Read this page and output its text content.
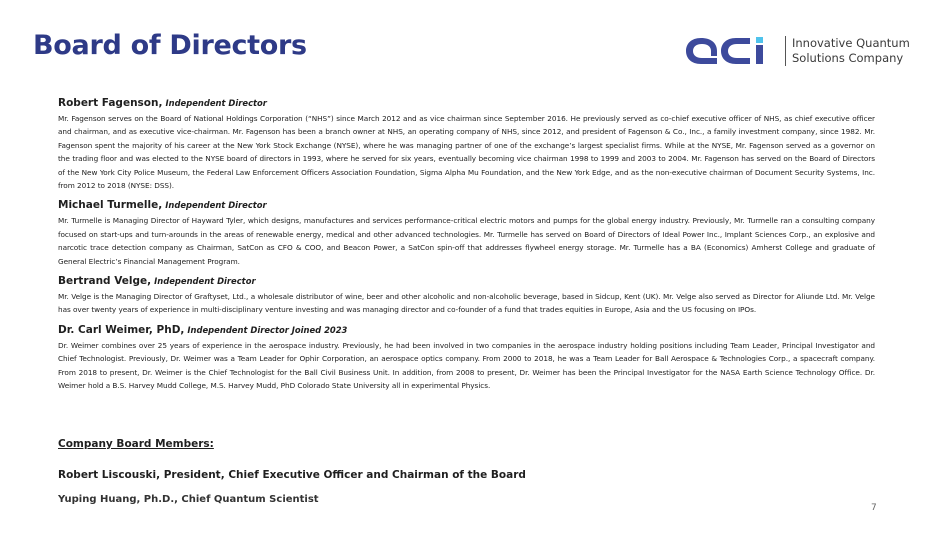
Board of Directors	Innovative Quantum
Solutions Company
Robert Fagenson, Independent Director

Mr. Fagenson serves on the Board of National Holdings Corporation (“NHS”) since March 2012 and as vice chairman since September 2016. He previously served as co-chief executive officer of NHS, as chief executive officer and chairman, and as executive vice-chairman. Mr. Fagenson has been a branch owner at NHS, an operating company of NHS, since 2012, and president of Fagenson & Co., Inc., a family investment company, since 1982. Mr. Fagenson spent the majority of his career at the New York Stock Exchange (NYSE), where he was managing partner of one of the exchange’s largest specialist firms. While at the NYSE, Mr. Fagenson served as a governor on the trading floor and was elected to the NYSE board of directors in 1993, where he served for six years, eventually becoming vice chairman 1998 to 1999 and 2003 to 2004. Mr. Fagenson has served on the Board of Directors of the New York City Police Museum, the Federal Law Enforcement Officers Association Foundation, Sigma Alpha Mu Foundation, and the New York Edge, and as the non-executive chairman of Document Security Systems, Inc. from 2012 to 2018 (NYSE: DSS).

Michael Turmelle, Independent Director

Mr. Turmelle is Managing Director of Hayward Tyler, which designs, manufactures and services performance-critical electric motors and pumps for the global energy industry. Previously, Mr. Turmelle ran a consulting company focused on start-ups and turn-arounds in the areas of renewable energy, medical and other advanced technologies. Mr. Turmelle has served on Board of Directors of Ideal Power Inc., Implant Sciences Corp., an explosive and narcotic trace detection company as Chairman, SatCon as CFO & COO, and Beacon Power, a SatCon spin-off that addresses flywheel energy storage. Mr. Turmelle has a BA (Economics) Amherst College and graduate of General Electric’s Financial Management Program.

Bertrand Velge, Independent Director

Mr. Velge is the Managing Director of Graftyset, Ltd., a wholesale distributor of wine, beer and other alcoholic and non-alcoholic beverage, based in Sidcup, Kent (UK). Mr. Velge also served as Director for Aliunde Ltd. Mr. Velge has over twenty years of experience in multi-disciplinary venture investing and was managing director and co-founder of a fund that trades equities in Europe, Asia and the US focusing on IPOs.

Dr. Carl Weimer, PhD, Independent Director Joined 2023

Dr. Weimer combines over 25 years of experience in the aerospace industry. Previously, he had been involved in two companies in the aerospace industry holding positions including Team Leader, Principal Investigator and Chief Technologist. Previously, Dr. Weimer was a Team Leader for Ophir Corporation, an aerospace optics company. From 2000 to 2018, he was a Team Leader for Ball Aerospace & Technologies Corp., a spacecraft company. From 2018 to present, Dr. Weimer is the Chief Technologist for the Ball Civil Business Unit. In addition, from 2008 to present, Dr. Weimer has been the Principal Investigator for the NASA Earth Science Technology Office. Dr. Weimer hold a B.S. Harvey Mudd College, M.S. Harvey Mudd, PhD Colorado State University all in experimental Physics.

Company Board Members:
Robert Liscouski, President, Chief Executive Officer and Chairman of the Board
Yuping Huang, Ph.D., Chief Quantum Scientist
7
